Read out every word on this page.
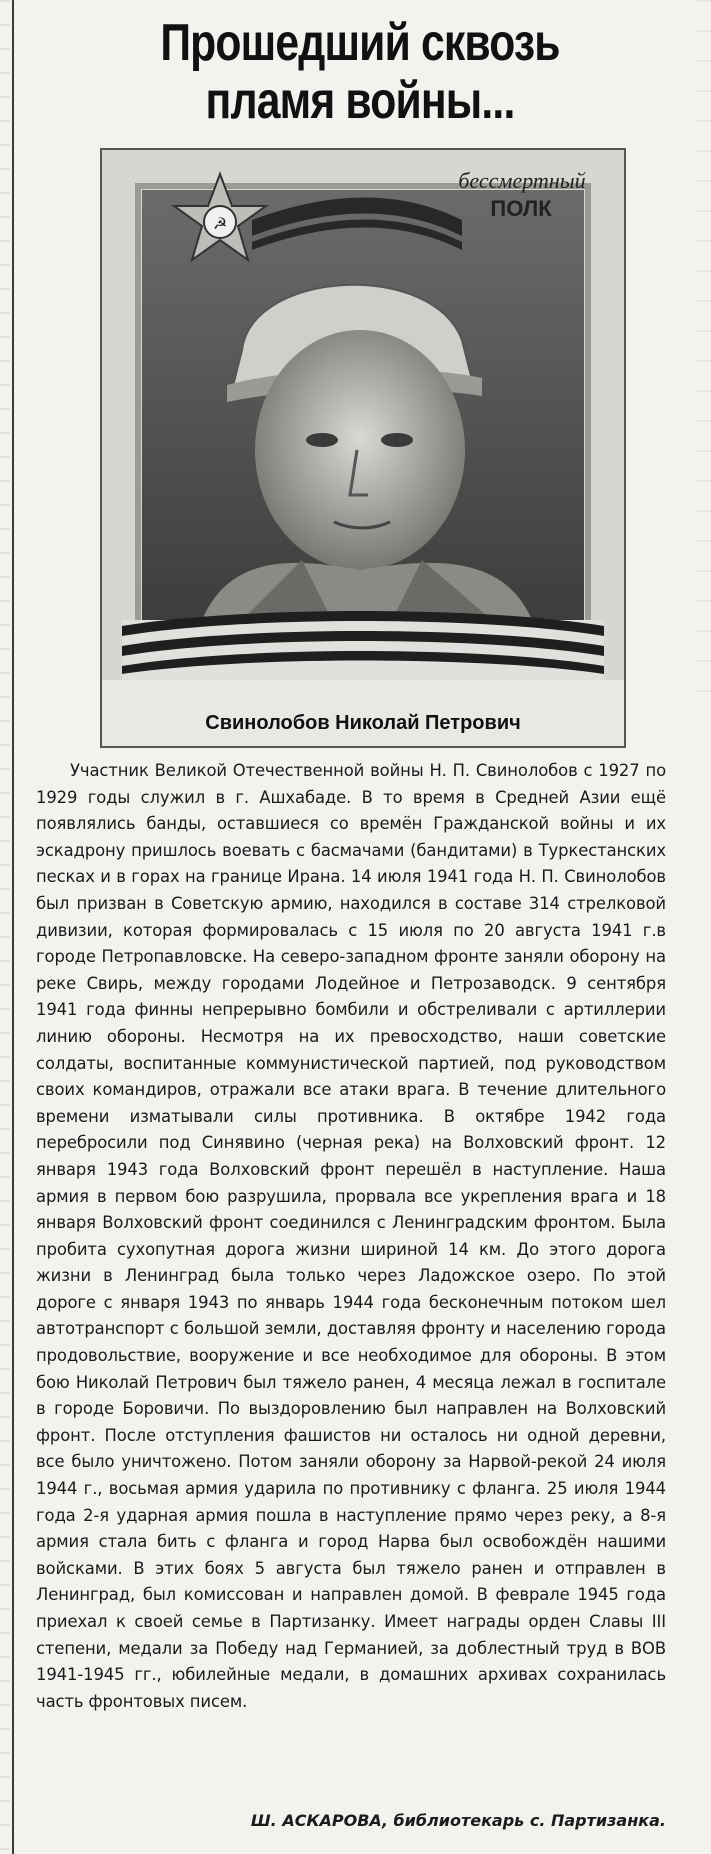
Прошедший сквозь
пламя войны...
☭
бессмертный
ПОЛК
Свинолобов Николай Петрович
Участник Великой Отечественной войны Н. П. Свинолобов с 1927 по 1929 годы служил в г. Ашхабаде. В то время в Средней Азии ещё появлялись банды, оставшиеся со времён Гражданской войны и их эскадрону пришлось воевать с басмачами (бандитами) в Туркестанских песках и в горах на границе Ирана. 14 июля 1941 года Н. П. Свинолобов был призван в Советскую армию, находился в составе 314 стрелковой дивизии, которая формировалась с 15 июля по 20 августа 1941 г.в городе Петропавловске. На северо-западном фронте заняли оборону на реке Свирь, между городами Лодейное и Петрозаводск. 9 сентября 1941 года финны непрерывно бомбили и обстреливали с артиллерии линию обороны. Несмотря на их превосходство, наши советские солдаты, воспитанные коммунистической партией, под руководством своих командиров, отражали все атаки врага. В течение длительного времени изматывали силы противника. В октябре 1942 года перебросили под Синявино (черная река) на Волховский фронт. 12 января 1943 года Волховский фронт перешёл в наступление. Наша армия в первом бою разрушила, прорвала все укрепления врага и 18 января Волховский фронт соединился с Ленинградским фронтом. Была пробита сухопутная дорога жизни шириной 14 км. До этого дорога жизни в Ленинград была только через Ладожское озеро. По этой дороге с января 1943 по январь 1944 года бесконечным потоком шел автотранспорт с большой земли, доставляя фронту и населению города продовольствие, вооружение и все необходимое для обороны. В этом бою Николай Петрович был тяжело ранен, 4 месяца лежал в госпитале в городе Боровичи. По выздоровлению был направлен на Волховский фронт. После отступления фашистов ни осталось ни одной деревни, все было уничтожено. Потом заняли оборону за Нарвой-рекой 24 июля 1944 г., восьмая армия ударила по противнику с фланга. 25 июля 1944 года 2-я ударная армия пошла в наступление прямо через реку, а 8-я армия стала бить с фланга и город Нарва был освобождён нашими войсками. В этих боях 5 августа был тяжело ранен и отправлен в Ленинград, был комиссован и направлен домой. В феврале 1945 года приехал к своей семье в Партизанку. Имеет награды орден Славы III степени, медали за Победу над Германией, за доблестный труд в ВОВ 1941-1945 гг., юбилейные медали, в домашних архивах сохранилась часть фронтовых писем.
Ш. АСКАРОВА, библиотекарь с. Партизанка.
